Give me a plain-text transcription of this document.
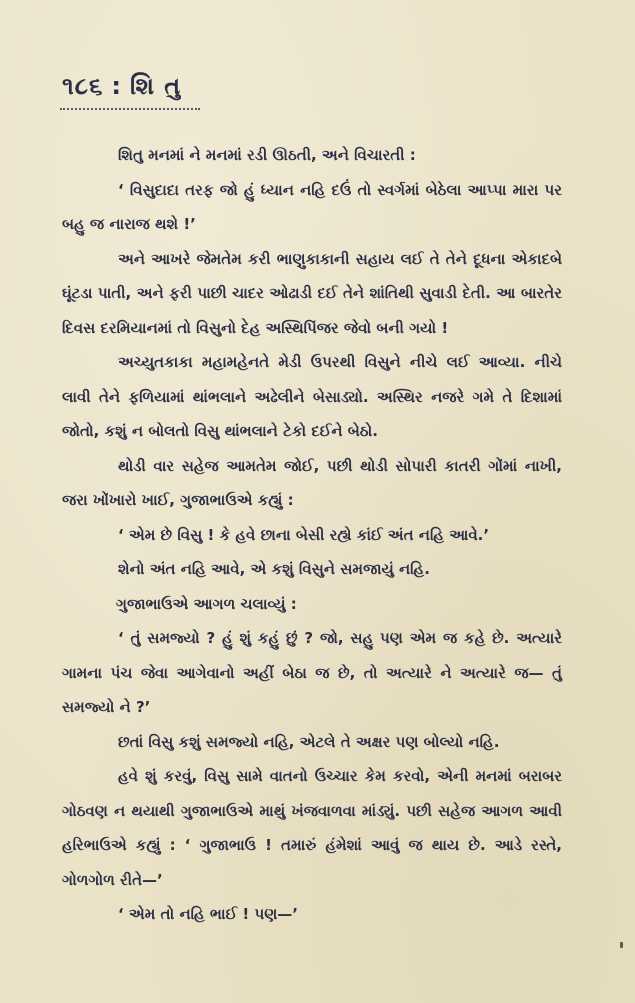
૧૮૬ : શિ તુ

શિતુ મનમાં ને મનમાં રડી ઊઠતી, અને વિચારતી :

‘ વિસુદાદા તરફ જો હું ધ્યાન નહિ દઉં તો સ્વર્ગમાં બેઠેલા આપ્પા મારા પર બહુ જ નારાજ થશે !’

અને આખરે જેમતેમ કરી ભાણુકાકાની સહાય લઈ તે તેને દૂધના એકાદબે ઘૂંટડા પાતી, અને ફરી પાછી ચાદર ઓઢાડી દઈ તેને શાંતિથી સુવાડી દેતી. આ બારતેર દિવસ દરમિયાનમાં તો વિસુનો દેહ અસ્થિપિંજર જેવો બની ગયો !

અચ્યુતકાકા મહામહેનતે મેડી ઉપરથી વિસુને નીચે લઈ આવ્યા. નીચે લાવી તેને ફળિયામાં થાંભલાને અઢેલીને બેસાડ્યો. અસ્થિર નજરે ગમે તે દિશામાં જોતો, કશું ન બોલતો વિસુ થાંભલાને ટેકો દઈને બેઠો.

થોડી વાર સહેજ આમતેમ જોઈ, પછી થોડી સોપારી કાતરી ગોંમાં નાખી, જરા ખોંખારો ખાઈ, ગુજાભાઉએ કહ્યું :

‘ એમ છે વિસુ ! કે હવે છાના બેસી રહ્યે કાંઈ અંત નહિ આવે.’

શેનો અંત નહિ આવે, એ કશું વિસુને સમજાયું નહિ.

ગુજાભાઉએ આગળ ચલાવ્યું :

‘ તું સમજ્યો ? હું શું કહું છું ? જો, સહુ પણ એમ જ કહે છે. અત્યારે ગામના પંચ જેવા આગેવાનો અહીં બેઠા જ છે, તો અત્યારે ને અત્યારે જ— તું સમજ્યો ને ?’

છતાં વિસુ કશું સમજ્યો નહિ, એટલે તે અક્ષર પણ બોલ્યો નહિ.

હવે શું કરવું, વિસુ સામે વાતનો ઉચ્ચાર કેમ કરવો, એની મનમાં બરાબર ગોઠવણ ન થયાથી ગુજાભાઉએ માથું ખંજવાળવા માંડ્યું. પછી સહેજ આગળ આવી હરિભાઉએ કહ્યું : ‘ ગુજાભાઉ ! તમારું હંમેશાં આવું જ થાય છે. આડે રસ્તે, ગોળગોળ રીતે—’

‘ એમ તો નહિ ભાઈ ! પણ—’
